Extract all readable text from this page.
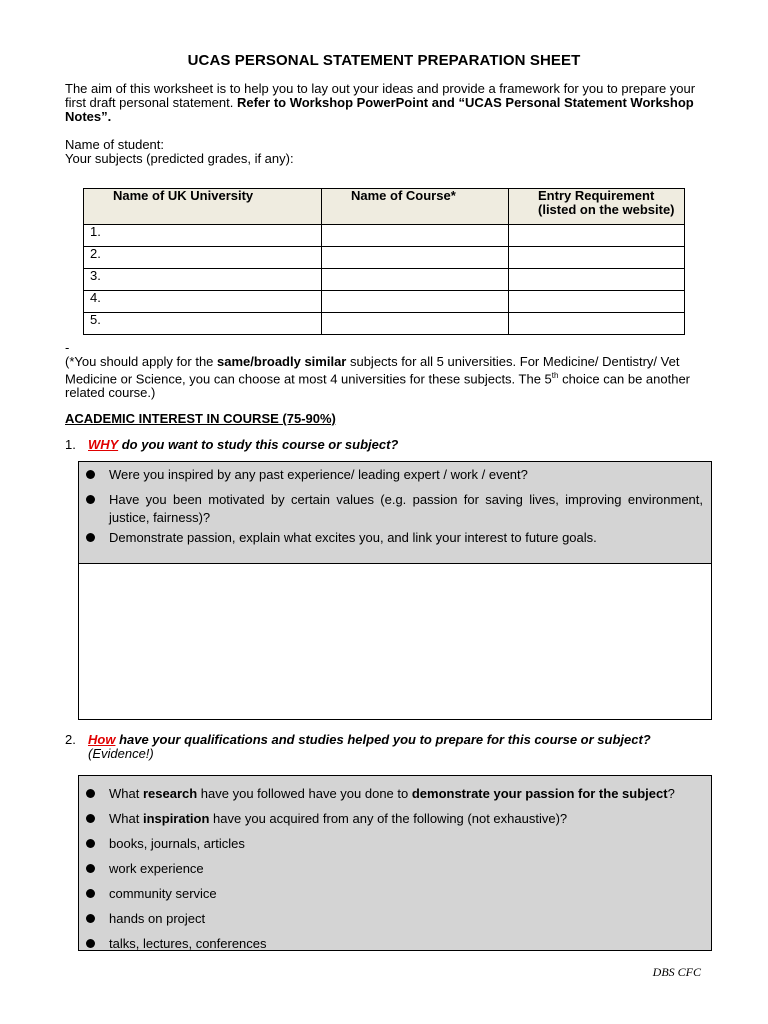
UCAS PERSONAL STATEMENT PREPARATION SHEET
The aim of this worksheet is to help you to lay out your ideas and provide a framework for you to prepare your first draft personal statement. Refer to Workshop PowerPoint and “UCAS Personal Statement Workshop Notes”.
Name of student:
Your subjects (predicted grades, if any):
Name of UK University	Name of Course*	Entry Requirement
(listed on the website)
1.		
2.		
3.		
4.		
5.		
-
(*You should apply for the same/broadly similar subjects for all 5 universities. For Medicine/ Dentistry/ Vet Medicine or Science, you can choose at most 4 universities for these subjects. The 5th choice can be another related course.)
ACADEMIC INTEREST IN COURSE (75-90%)
1. WHY do you want to study this course or subject?
Were you inspired by any past experience/ leading expert / work / event?
Have you been motivated by certain values (e.g. passion for saving lives, improving environment, justice, fairness)?
Demonstrate passion, explain what excites you, and link your interest to future goals.
2. How have your qualifications and studies helped you to prepare for this course or subject?
(Evidence!)
What research have you followed have you done to demonstrate your passion for the subject?
What inspiration have you acquired from any of the following (not exhaustive)?
books, journals, articles
work experience
community service
hands on project
talks, lectures, conferences
DBS CFC
